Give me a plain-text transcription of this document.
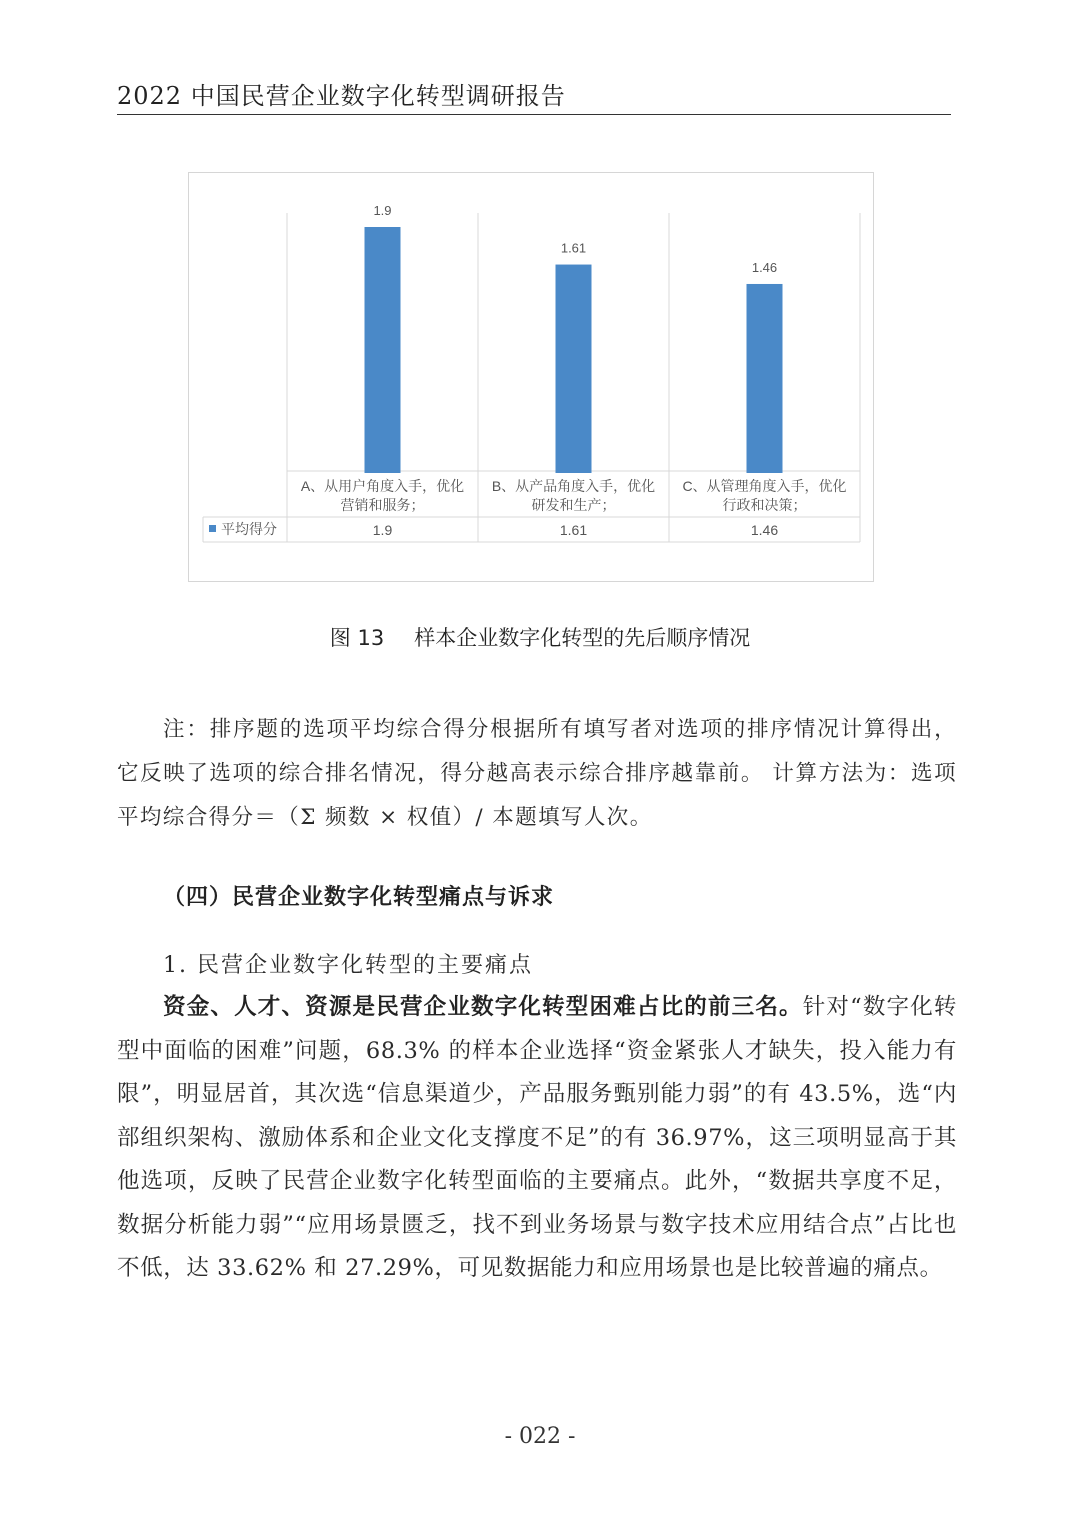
2022 中国民营企业数字化转型调研报告
1.9
A、从用户角度入手，优化
营销和服务；
1.9
1.61
B、从产品角度入手，优化
研发和生产；
1.61
1.46
C、从管理角度入手，优化
行政和决策；
1.46
平均得分
图 13 样本企业数字化转型的先后顺序情况

注：排序题的选项平均综合得分根据所有填写者对选项的排序情况计算得出，它反映了选项的综合排名情况，得分越高表示综合排序越靠前。 计算方法为：选项平均综合得分＝（Σ 频数 × 权值）/ 本题填写人次。

（四）民营企业数字化转型痛点与诉求
1. 民营企业数字化转型的主要痛点

资金、人才、资源是民营企业数字化转型困难占比的前三名。针对“数字化转型中面临的困难”问题，68.3% 的样本企业选择“资金紧张人才缺失，投入能力有限”，明显居首，其次选“信息渠道少，产品服务甄别能力弱”的有 43.5%，选“内部组织架构、激励体系和企业文化支撑度不足”的有 36.97%，这三项明显高于其他选项，反映了民营企业数字化转型面临的主要痛点。此外，“数据共享度不足，数据分析能力弱”“应用场景匮乏，找不到业务场景与数字技术应用结合点”占比也不低，达 33.62% 和 27.29%，可见数据能力和应用场景也是比较普遍的痛点。

- 022 -
